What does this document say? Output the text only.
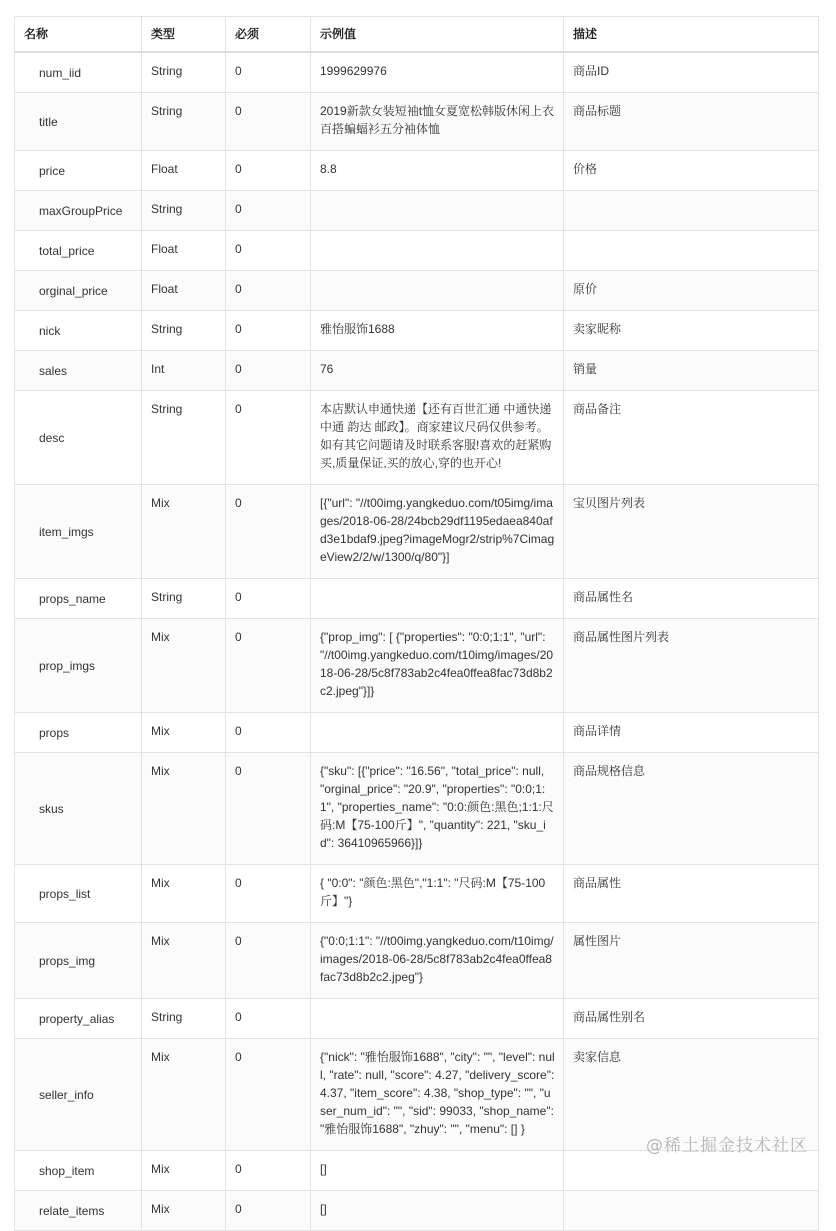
名称	类型	必须	示例值	描述
num_iid	String	0	1999629976	商品ID
title	String	0	2019新款女装短袖t恤女夏宽松韩版休闲上衣百搭蝙蝠衫五分袖体恤	商品标题
price	Float	0	8.8	价格
maxGroupPrice	String	0		
total_price	Float	0		
orginal_price	Float	0		原价
nick	String	0	雅怡服饰1688	卖家昵称
sales	Int	0	76	销量
desc	String	0	本店默认申通快递【还有百世汇通 中通快递 中通 韵达 邮政】。商家建议尺码仅供参考。如有其它问题请及时联系客服!喜欢的赶紧购买,质量保证,买的放心,穿的也开心!	商品备注
item_imgs	Mix	0	[{"url": "//t00img.yangkeduo.com/t05img/images/2018-06-28/24bcb29df1195edaea840afd3e1bdaf9.jpeg?imageMogr2/strip%7CimageView2/2/w/1300/q/80"}]	宝贝图片列表
props_name	String	0		商品属性名
prop_imgs	Mix	0	{"prop_img": [ {"properties": "0:0;1:1", "url": "//t00img.yangkeduo.com/t10img/images/2018-06-28/5c8f783ab2c4fea0ffea8fac73d8b2c2.jpeg"}]}	商品属性图片列表
props	Mix	0		商品详情
skus	Mix	0	{"sku": [{"price": "16.56", "total_price": null, "orginal_price": "20.9", "properties": "0:0;1:1", "properties_name": "0:0:颜色:黑色;1:1:尺码:M【75-100斤】", "quantity": 221, "sku_id": 36410965966}]}	商品规格信息
props_list	Mix	0	{ "0:0": "颜色:黑色","1:1": "尺码:M【75-100斤】"}	商品属性
props_img	Mix	0	{"0:0;1:1": "//t00img.yangkeduo.com/t10img/images/2018-06-28/5c8f783ab2c4fea0ffea8fac73d8b2c2.jpeg"}	属性图片
property_alias	String	0		商品属性别名
seller_info	Mix	0	{"nick": "雅怡服饰1688", "city": "", "level": null, "rate": null, "score": 4.27, "delivery_score": 4.37, "item_score": 4.38, "shop_type": "", "user_num_id": "", "sid": 99033, "shop_name": "雅怡服饰1688", "zhuy": "", "menu": [] }	卖家信息
shop_item	Mix	0	[]	
relate_items	Mix	0	[]	
@稀土掘金技术社区
